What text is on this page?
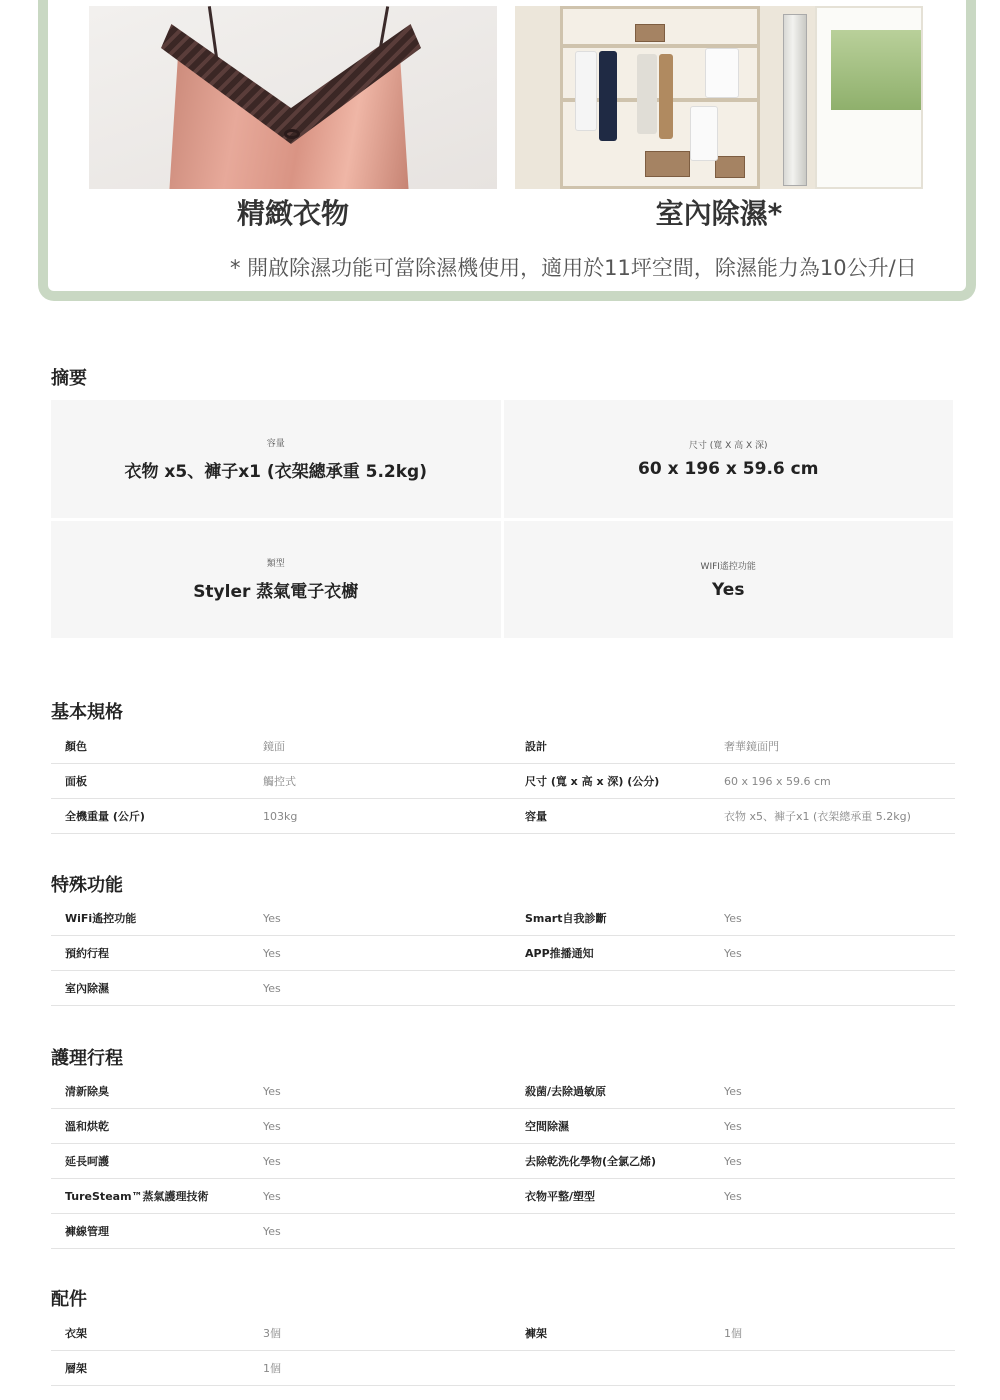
精緻衣物	室內除濕*
* 開啟除濕功能可當除濕機使用，適用於11坪空間，除濕能力為10公升/日
摘要
容量
衣物 x5、褲子x1 (衣架總承重 5.2kg)
尺寸 (寬 X 高 X 深)
60 x 196 x 59.6 cm
類型
Styler 蒸氣電子衣櫥
WIFI遙控功能
Yes
基本規格
顏色	鏡面	設計	奢華鏡面門
面板	觸控式	尺寸 (寬 x 高 x 深) (公分)	60 x 196 x 59.6 cm
全機重量 (公斤)	103kg	容量	衣物 x5、褲子x1 (衣架總承重 5.2kg)
特殊功能
WiFi遙控功能	Yes	Smart自我診斷	Yes
預約行程	Yes	APP推播通知	Yes
室內除濕	Yes
護理行程
清新除臭	Yes	殺菌/去除過敏原	Yes
溫和烘乾	Yes	空間除濕	Yes
延長呵護	Yes	去除乾洗化學物(全氯乙烯)	Yes
TureSteam™蒸氣護理技術	Yes	衣物平整/塑型	Yes
褲線管理	Yes
配件
衣架	3個	褲架	1個
層架	1個
